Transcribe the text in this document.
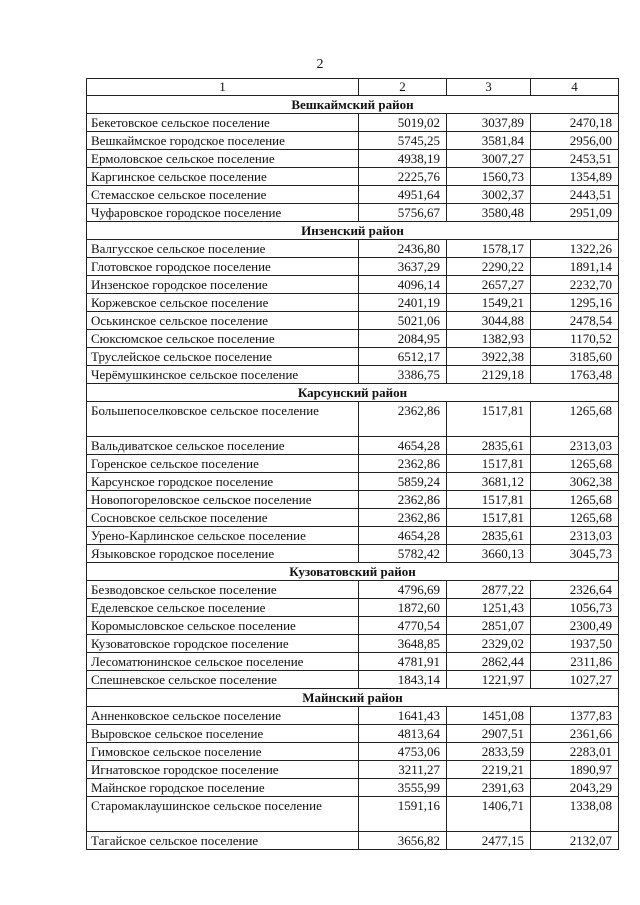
2
1	2	3	4
Вешкаймский район			
Бекетовское сельское поселение	5019,02	3037,89	2470,18
Вешкаймское городское поселение	5745,25	3581,84	2956,00
Ермоловское сельское поселение	4938,19	3007,27	2453,51
Каргинское сельское поселение	2225,76	1560,73	1354,89
Стемасское сельское поселение	4951,64	3002,37	2443,51
Чуфаровское городское поселение	5756,67	3580,48	2951,09
Инзенский район			
Валгусское сельское поселение	2436,80	1578,17	1322,26
Глотовское городское поселение	3637,29	2290,22	1891,14
Инзенское городское поселение	4096,14	2657,27	2232,70
Коржевское сельское поселение	2401,19	1549,21	1295,16
Оськинское сельское поселение	5021,06	3044,88	2478,54
Сюксюмское сельское поселение	2084,95	1382,93	1170,52
Труслейское сельское поселение	6512,17	3922,38	3185,60
Черёмушкинское сельское поселение	3386,75	2129,18	1763,48
Карсунский район			
Большепоселковское сельское поселение	2362,86	1517,81	1265,68
Вальдиватское сельское поселение	4654,28	2835,61	2313,03
Горенское сельское поселение	2362,86	1517,81	1265,68
Карсунское городское поселение	5859,24	3681,12	3062,38
Новопогореловское сельское поселение	2362,86	1517,81	1265,68
Сосновское сельское поселение	2362,86	1517,81	1265,68
Урено-Карлинское сельское поселение	4654,28	2835,61	2313,03
Языковское городское поселение	5782,42	3660,13	3045,73
Кузоватовский район			
Безводовское сельское поселение	4796,69	2877,22	2326,64
Еделевское сельское поселение	1872,60	1251,43	1056,73
Коромысловское сельское поселение	4770,54	2851,07	2300,49
Кузоватовское городское поселение	3648,85	2329,02	1937,50
Лесоматюнинское сельское поселение	4781,91	2862,44	2311,86
Спешневское сельское поселение	1843,14	1221,97	1027,27
Майнский район			
Анненковское сельское поселение	1641,43	1451,08	1377,83
Выровское сельское поселение	4813,64	2907,51	2361,66
Гимовское сельское поселение	4753,06	2833,59	2283,01
Игнатовское городское поселение	3211,27	2219,21	1890,97
Майнское городское поселение	3555,99	2391,63	2043,29
Старомаклаушинское сельское поселение	1591,16	1406,71	1338,08
Тагайское сельское поселение	3656,82	2477,15	2132,07
